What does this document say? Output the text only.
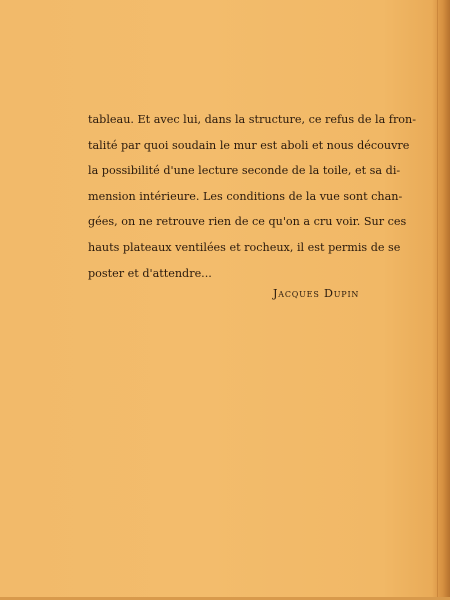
tableau. Et avec lui, dans la structure, ce refus de la fron-
talité par quoi soudain le mur est aboli et nous découvre
la possibilité d'une lecture seconde de la toile, et sa di-
mension intérieure. Les conditions de la vue sont chan-
gées, on ne retrouve rien de ce qu'on a cru voir. Sur ces
hauts plateaux ventilées et rocheux, il est permis de se
poster et d'attendre...
Jacques Dupin
